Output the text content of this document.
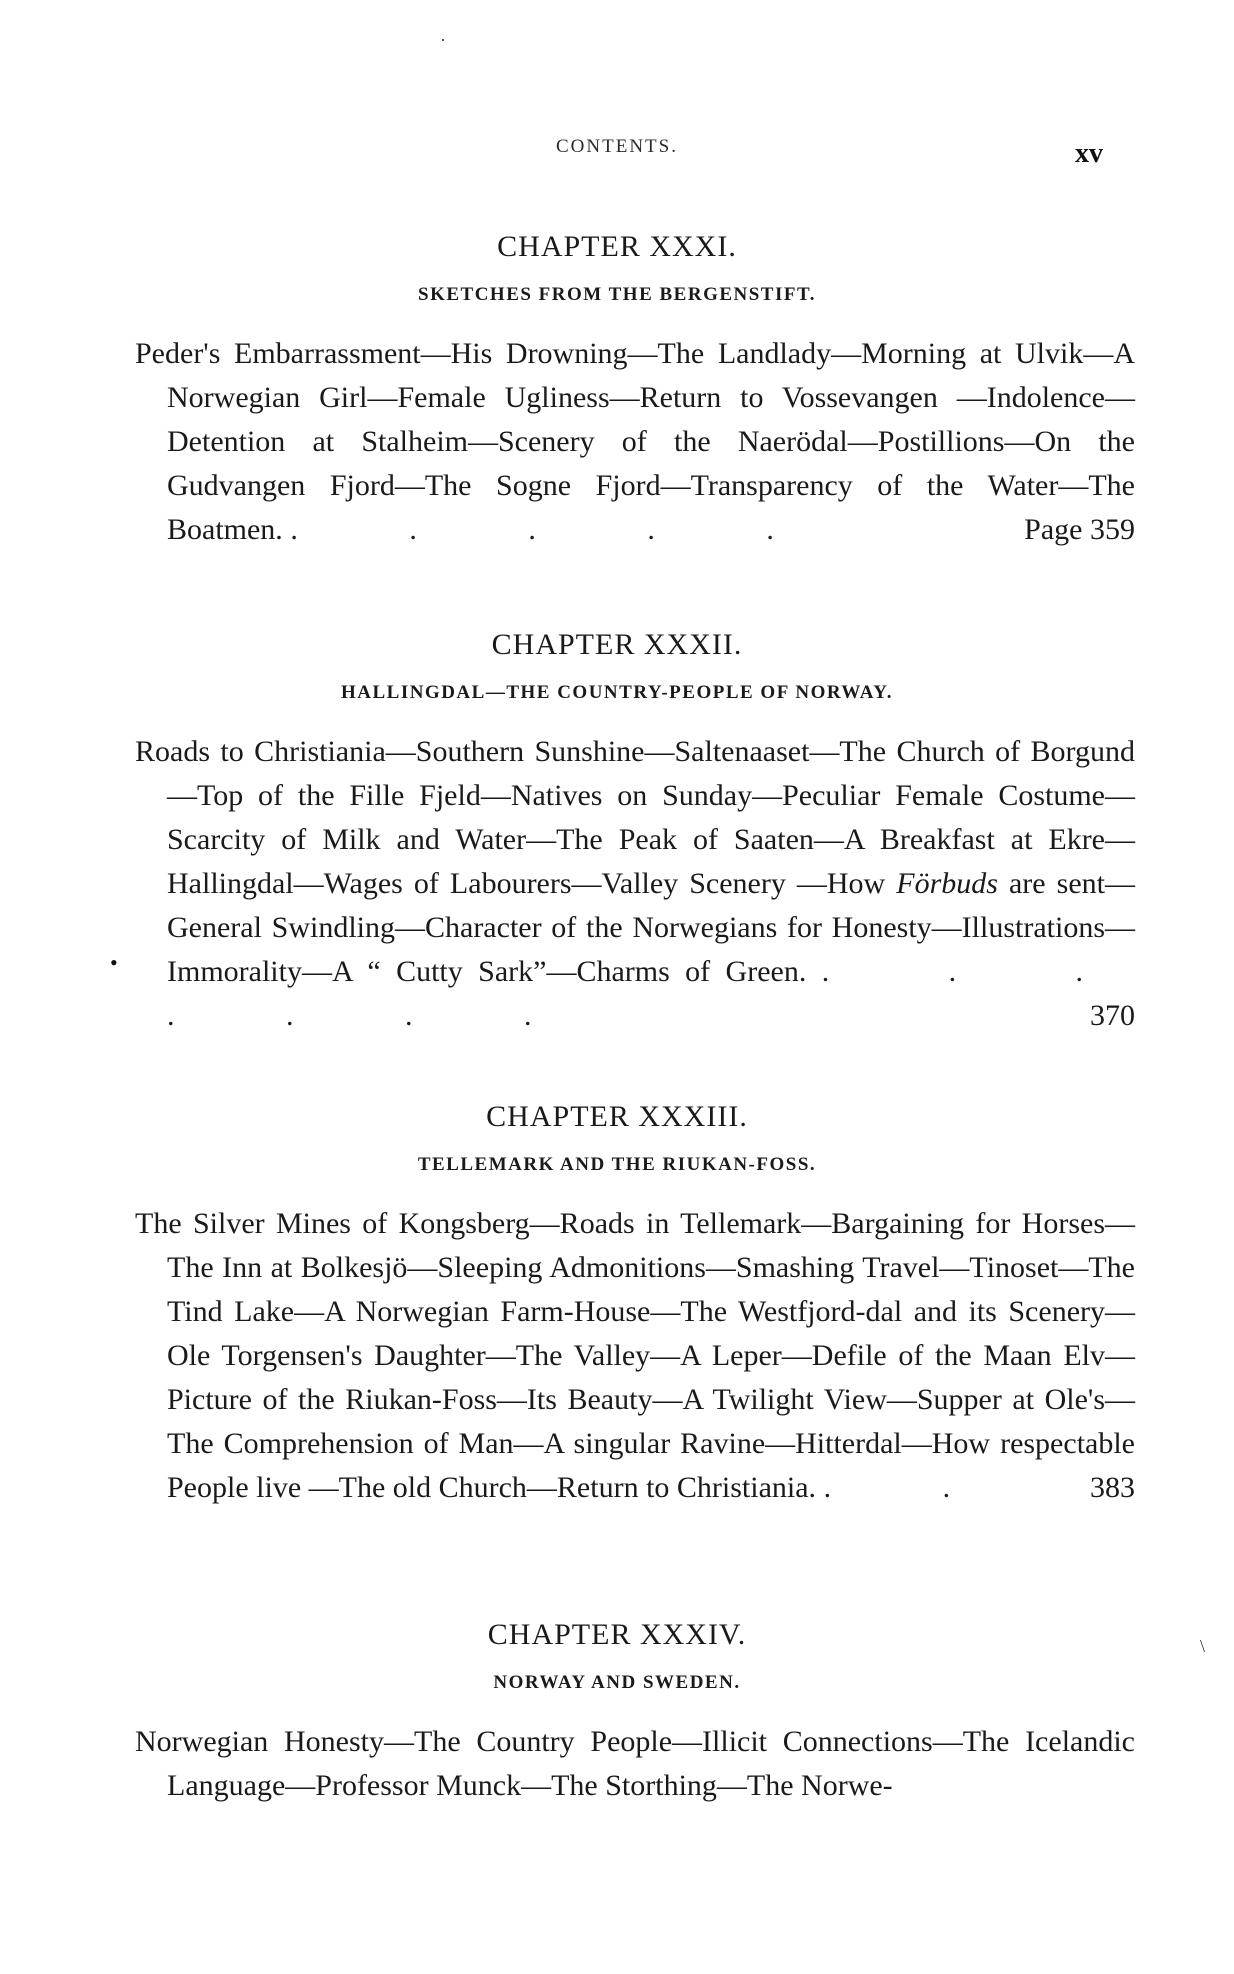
·
CONTENTS.	xv
CHAPTER XXXI.
SKETCHES FROM THE BERGENSTIFT.
Peder's Embarrassment—His Drowning—The Landlady—Morning at Ulvik—A Norwegian Girl—Female Ugliness—Return to Vossevangen —Indolence—Detention at Stalheim—Scenery of the Naerödal—Postillions—On the Gudvangen Fjord—The Sogne Fjord—Transparency of the Water—The Boatmen. . . . . .	Page 359
CHAPTER XXXII.
HALLINGDAL—THE COUNTRY-PEOPLE OF NORWAY.
Roads to Christiania—Southern Sunshine—Saltenaaset—The Church of Borgund—Top of the Fille Fjeld—Natives on Sunday—Peculiar Female Costume—Scarcity of Milk and Water—The Peak of Saaten—A Breakfast at Ekre—Hallingdal—Wages of Labourers—Valley Scenery —How Förbuds are sent—General Swindling—Character of the Norwegians for Honesty—Illustrations—Immorality—A “ Cutty Sark”—Charms of Green. . . . . . . .	370
•
CHAPTER XXXIII.
TELLEMARK AND THE RIUKAN-FOSS.
The Silver Mines of Kongsberg—Roads in Tellemark—Bargaining for Horses—The Inn at Bolkesjö—Sleeping Admonitions—Smashing Travel—Tinoset—The Tind Lake—A Norwegian Farm-House—The Westfjord-dal and its Scenery—Ole Torgensen's Daughter—The Valley—A Leper—Defile of the Maan Elv—Picture of the Riukan-Foss—Its Beauty—A Twilight View—Supper at Ole's—The Comprehension of Man—A singular Ravine—Hitterdal—How respectable People live —The old Church—Return to Christiania. . .	383
CHAPTER XXXIV.
NORWAY AND SWEDEN.
Norwegian Honesty—The Country People—Illicit Connections—The Icelandic Language—Professor Munck—The Storthing—The Norwe-
\
